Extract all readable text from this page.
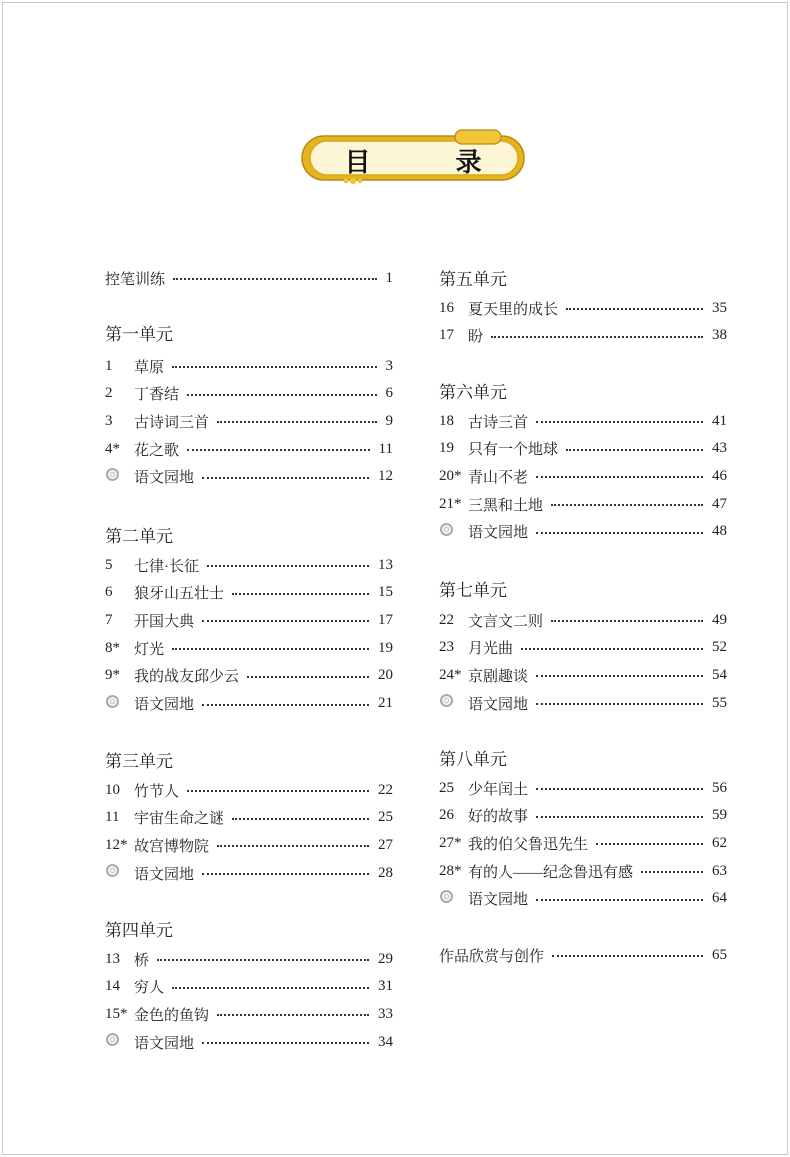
目 录
控笔训练	1
第一单元
1	草原	3
2	丁香结	6
3	古诗词三首	9
4* 花之歌	11
语文园地	12
第二单元
5	七律·长征	13
6	狼牙山五壮士	15
7	开国大典	17
8* 灯光	19
9* 我的战友邱少云	20
语文园地	21
第三单元
10 竹节人	22
11 宇宙生命之谜	25
12* 故宫博物院	27
语文园地	28
第四单元
13 桥	29
14 穷人	31
15* 金色的鱼钩	33
语文园地	34
第五单元
16 夏天里的成长	35
17 盼	38
第六单元
18 古诗三首	41
19 只有一个地球	43
20* 青山不老	46
21* 三黑和土地	47
语文园地	48
第七单元
22 文言文二则	49
23 月光曲	52
24* 京剧趣谈	54
语文园地	55
第八单元
25 少年闰土	56
26 好的故事	59
27* 我的伯父鲁迅先生	62
28* 有的人——纪念鲁迅有感	63
语文园地	64
作品欣赏与创作	65
